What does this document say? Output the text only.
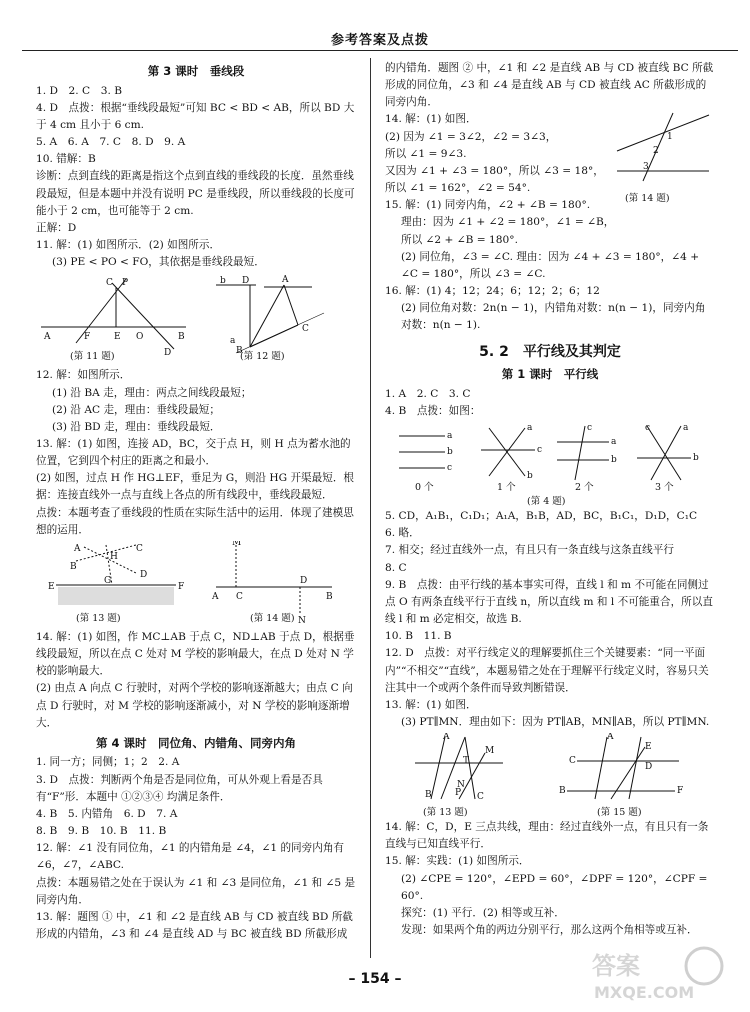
参考答案及点拨
第 3 课时　垂线段

1. D　2. C　3. B

4. D　点拨：根据“垂线段最短”可知 BC < BD < AB，所以 BD 大于 4 cm 且小于 6 cm.

5. A　6. A　7. C　8. D　9. A

10. 错解：B

诊断：点到直线的距离是指这个点到直线的垂线段的长度．虽然垂线段最短，但是本题中并没有说明 PC 是垂线段，所以垂线段的长度可能小于 2 cm，也可能等于 2 cm.

正解：D

11. 解：(1) 如图所示．(2) 如图所示．

(3) PE < PO < FO，其依据是垂线段最短．

C P
A	F	E O	B
D
D	A
b
B
C
a
(第 11 题)	(第 12 题)

12. 解：如图所示．

(1) 沿 BA 走，理由：两点之间线段最短；

(2) 沿 AC 走，理由：垂线段最短；

(3) 沿 BD 走，理由：垂线段最短．

13. 解：(1) 如图，连接 AD，BC，交于点 H，则 H 点为蓄水池的位置，它到四个村庄的距离之和最小．

(2) 如图，过点 H 作 HG⊥EF，垂足为 G，则沿 HG 开渠最短．根据：连接直线外一点与直线上各点的所有线段中，垂线段最短．

点拨：本题考查了垂线段的性质在实际生活中的运用．体现了建模思想的运用．

A	C
B
D
H
G
E	F
M
A C
D
B
N
(第 13 题)	(第 14 题)

14. 解：(1) 如图，作 MC⊥AB 于点 C，ND⊥AB 于点 D，根据垂线段最短，所以在点 C 处对 M 学校的影响最大，在点 D 处对 N 学校的影响最大．

(2) 由点 A 向点 C 行驶时，对两个学校的影响逐渐越大；由点 C 向点 D 行驶时，对 M 学校的影响逐渐减小，对 N 学校的影响逐渐增大．

第 4 课时　同位角、内错角、同旁内角

1. 同一方；同侧；1；2　2. A

3. D　点拨：判断两个角是否是同位角，可从外观上看是否具有“F”形．本题中 ①②③④ 均满足条件．

4. B　5. 内错角　6. D　7. A

8. B　9. B　10. B　11. B

12. 解：∠1 没有同位角，∠1 的内错角是 ∠4，∠1 的同旁内角有 ∠6，∠7，∠ABC.

点拨：本题易错之处在于误认为 ∠1 和 ∠3 是同位角，∠1 和 ∠5 是同旁内角．

13. 解：题图 ① 中，∠1 和 ∠2 是直线 AB 与 CD 被直线 BD 所截形成的内错角，∠3 和 ∠4 是直线 AD 与 BC 被直线 BD 所截形成

的内错角．题图 ② 中，∠1 和 ∠2 是直线 AB 与 CD 被直线 BC 所截形成的同位角，∠3 和 ∠4 是直线 AB 与 CD 被直线 AC 所截形成的同旁内角．

14. 解：(1) 如图．

(2) 因为 ∠1 = 3∠2，∠2 = 3∠3，

所以 ∠1 = 9∠3.

又因为 ∠1 + ∠3 = 180°，所以 ∠3 = 18°，

所以 ∠1 = 162°，∠2 = 54°.

1
2
3
(第 14 题)

15. 解：(1) 同旁内角，∠2 + ∠B = 180°.

理由：因为 ∠1 + ∠2 = 180°，∠1 = ∠B，

所以 ∠2 + ∠B = 180°.

(2) 同位角，∠3 = ∠C. 理由：因为 ∠4 + ∠3 = 180°，∠4 + ∠C = 180°，所以 ∠3 = ∠C.

16. 解：(1) 4；12；24；6；12；2；6；12

(2) 同位角对数：2n(n − 1)，内错角对数：n(n − 1)，同旁内角对数：n(n − 1).

5. 2　平行线及其判定
第 1 课时　平行线

1. A　2. C　3. C

4. B　点拨：如图：

a
b
c
c
a
b
a
b
c
b
c	a
0 个	1 个	2 个	3 个
(第 4 题)

5. CD，A₁B₁，C₁D₁；A₁A，B₁B，AD，BC，B₁C₁，D₁D，C₁C

6. 略．

7. 相交；经过直线外一点，有且只有一条直线与这条直线平行

8. C

9. B　点拨：由平行线的基本事实可得，直线 l 和 m 不可能在同侧过点 O 有两条直线平行于直线 n，所以直线 m 和 l 不可能重合，所以直线 l 和 m 必定相交，故选 B.

10. B　11. B

12. D　点拨：对平行线定义的理解要抓住三个关键要素：“同一平面内”“不相交”“直线”，本题易错之处在于理解平行线定义时，容易只关注其中一个或两个条件而导致判断错误．

13. 解：(1) 如图．

(3) PT∥MN．理由如下：因为 PT∥AB，MN∥AB，所以 PT∥MN.

A
M
B	C
T
N
P
A
C
E
D
B	F
(第 13 题)	(第 15 题)

14. 解：C，D，E 三点共线，理由：经过直线外一点，有且只有一条直线与已知直线平行．

15. 解：实践：(1) 如图所示．

(2) ∠CPE = 120°，∠EPD = 60°，∠DPF = 120°，∠CPF = 60°.

探究：(1) 平行．(2) 相等或互补．

发现：如果两个角的两边分别平行，那么这两个角相等或互补．

– 154 –	答案
MXQE.COM
